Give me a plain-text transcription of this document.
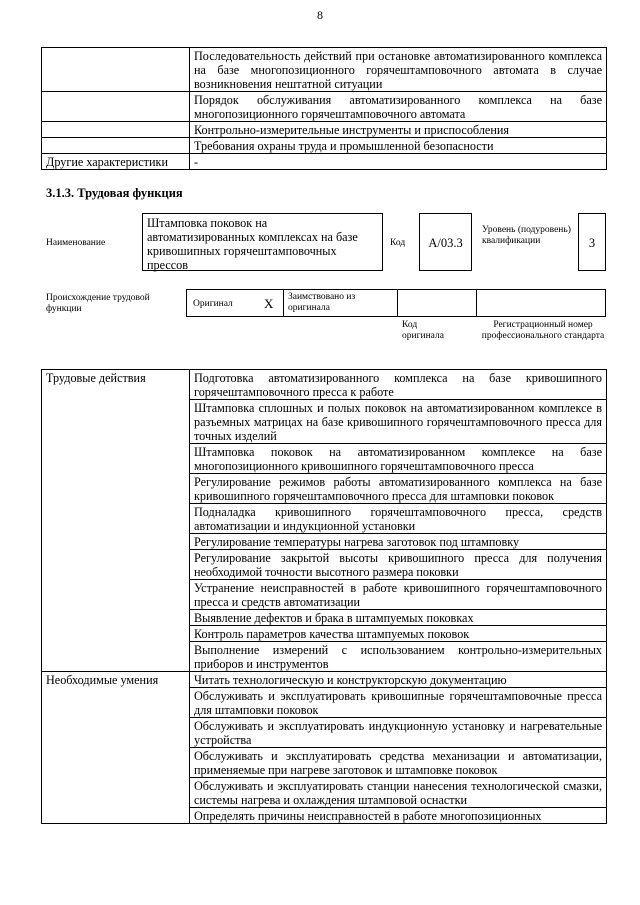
8
	Последовательность действий при остановке автоматизированного комплекса на базе многопозиционного горячештамповочного автомата в случае возникновения нештатной ситуации
	Порядок обслуживания автоматизированного комплекса на базе многопозиционного горячештамповочного автомата
	Контрольно-измерительные инструменты и приспособления
	Требования охраны труда и промышленной безопасности
Другие характеристики	-
3.1.3. Трудовая функция
Наименование
Штамповка поковок на автоматизированных комплексах на базе кривошипных горячештамповочных прессов
Код	A/03.3
Уровень (подуровень) квалификации	3
Происхождение трудовой функции	Оригинал X Заимствовано из оригинала
Код оригинала
Регистрационный номер профессионального стандарта
Трудовые действия	Подготовка автоматизированного комплекса на базе кривошипного горячештамповочного пресса к работе
	Штамповка сплошных и полых поковок на автоматизированном комплексе в разъемных матрицах на базе кривошипного горячештамповочного пресса для точных изделий
	Штамповка поковок на автоматизированном комплексе на базе многопозиционного кривошипного горячештамповочного пресса
	Регулирование режимов работы автоматизированного комплекса на базе кривошипного горячештамповочного пресса для штамповки поковок
	Подналадка кривошипного горячештамповочного пресса, средств автоматизации и индукционной установки
	Регулирование температуры нагрева заготовок под штамповку
	Регулирование закрытой высоты кривошипного пресса для получения необходимой точности высотного размера поковки
	Устранение неисправностей в работе кривошипного горячештамповочного пресса и средств автоматизации
	Выявление дефектов и брака в штампуемых поковках
	Контроль параметров качества штампуемых поковок
	Выполнение измерений с использованием контрольно-измерительных приборов и инструментов
Необходимые умения	Читать технологическую и конструкторскую документацию
	Обслуживать и эксплуатировать кривошипные горячештамповочные пресса для штамповки поковок
	Обслуживать и эксплуатировать индукционную установку и нагревательные устройства
	Обслуживать и эксплуатировать средства механизации и автоматизации, применяемые при нагреве заготовок и штамповке поковок
	Обслуживать и эксплуатировать станции нанесения технологической смазки, системы нагрева и охлаждения штамповой оснастки
	Определять причины неисправностей в работе многопозиционных
